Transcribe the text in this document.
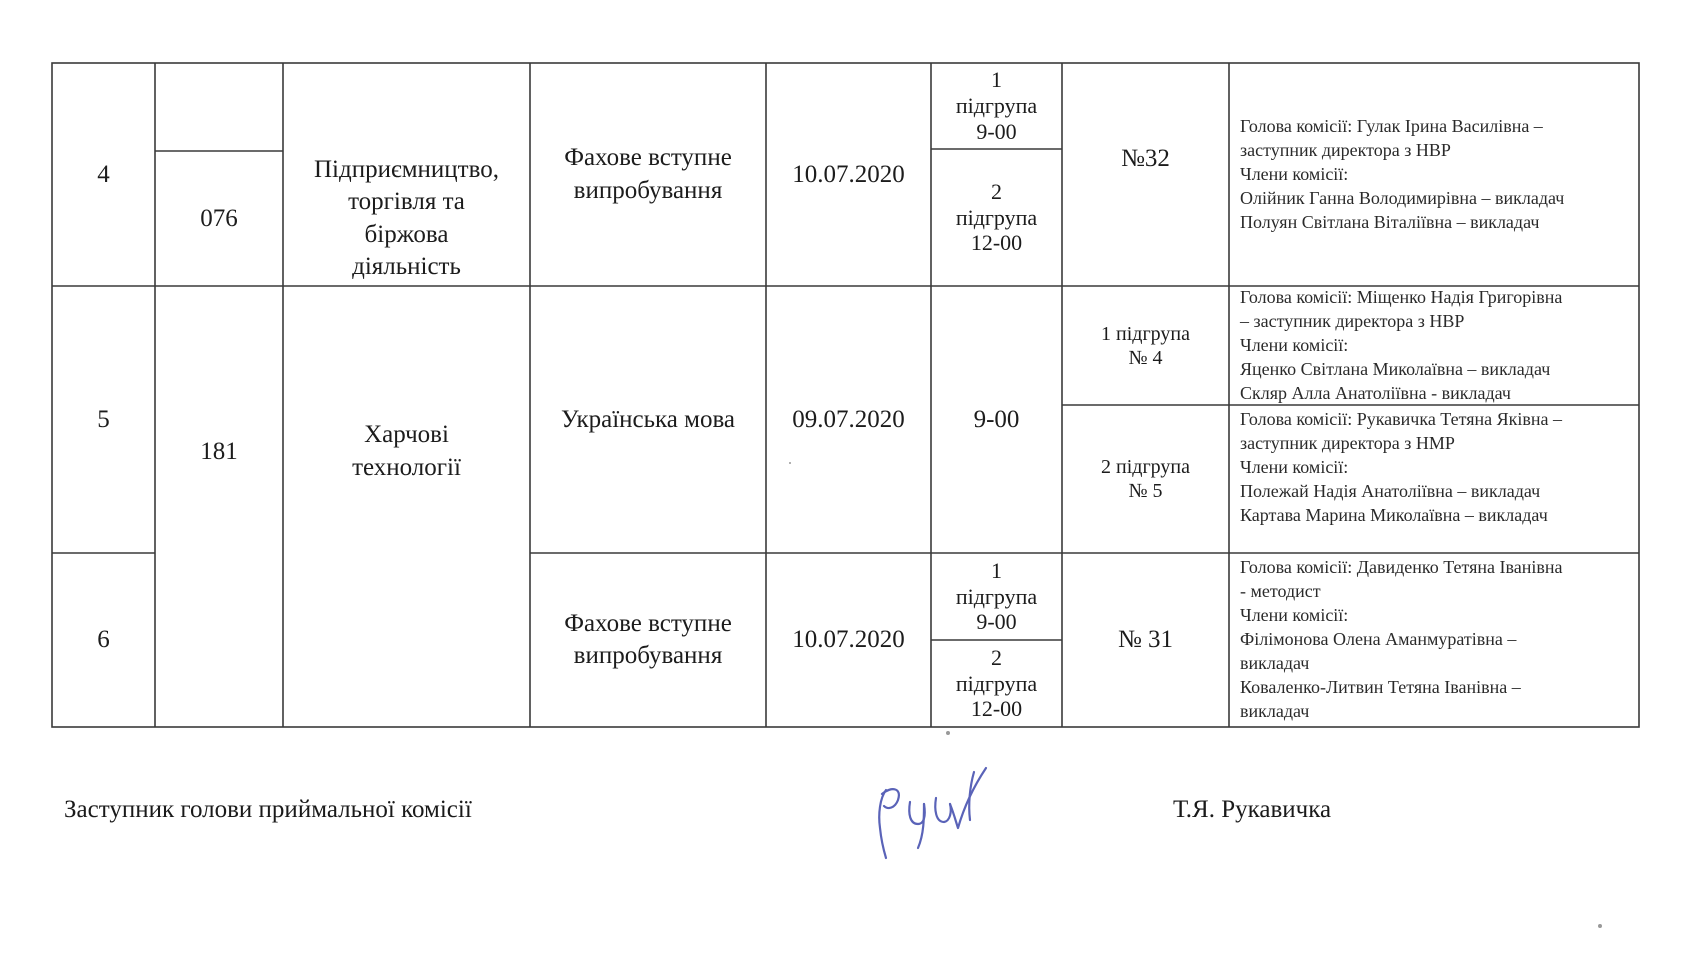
4
076
Підприємництво,
торгівля та
біржова
діяльність
Фахове вступне
випробування
10.07.2020
1
підгрупа
9-00
2
підгрупа
12-00
№32
Голова комісії: Гулак Ірина Василівна –
заступник директора з НВР
Члени комісії:
Олійник Ганна Володимирівна – викладач
Полуян Світлана Віталіївна – викладач
5
181
Харчові
технології
Українська мова 09.07.2020	9-00
1 підгрупа
№ 4
2 підгрупа
№ 5
Голова комісії: Міщенко Надія Григорівна
– заступник директора з НВР
Члени комісії:
Яценко Світлана Миколаївна – викладач
Скляр Алла Анатоліївна - викладач
Голова комісії: Рукавичка Тетяна Яківна –
заступник директора з НМР
Члени комісії:
Полежай Надія Анатоліївна – викладач
Картава Марина Миколаївна – викладач
6
Фахове вступне
випробування
10.07.2020
1
підгрупа
9-00
2
підгрупа
12-00
№ 31
Голова комісії: Давиденко Тетяна Іванівна
- методист
Члени комісії:
Філімонова Олена Аманмуратівна –
викладач
Коваленко-Литвин Тетяна Іванівна –
викладач
Заступник голови приймальної комісії	Т.Я. Рукавичка
